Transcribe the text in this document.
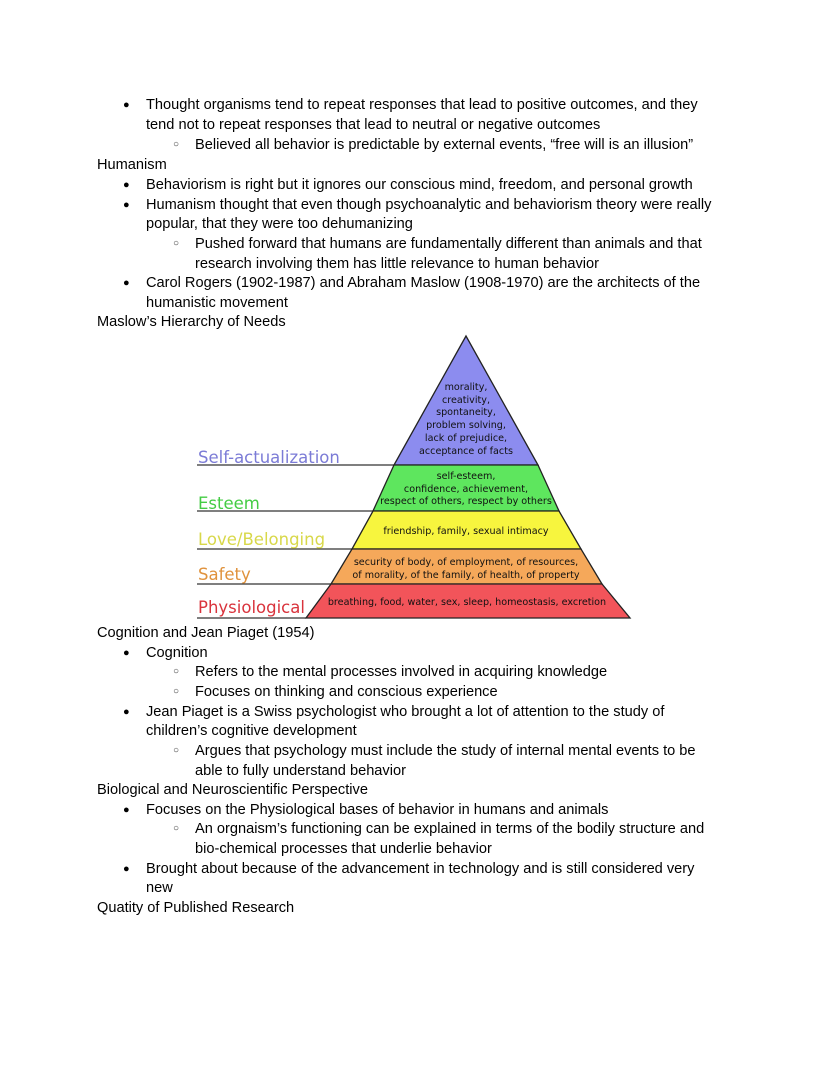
● Thought organisms tend to repeat responses that lead to positive outcomes, and they
tend not to repeat responses that lead to neutral or negative outcomes
○ Believed all behavior is predictable by external events, “free will is an illusion”
Humanism
● Behaviorism is right but it ignores our conscious mind, freedom, and personal growth
● Humanism thought that even though psychoanalytic and behaviorism theory were really
popular, that they were too dehumanizing
○ Pushed forward that humans are fundamentally different than animals and that
research involving them has little relevance to human behavior
● Carol Rogers (1902-1987) and Abraham Maslow (1908-1970) are the architects of the
humanistic movement
Maslow’s Hierarchy of Needs
morality,
creativity,
spontaneity,
problem solving,
lack of prejudice,
acceptance of facts
self-esteem,
confidence, achievement,
respect of others, respect by others
friendship, family, sexual intimacy
security of body, of employment, of resources,
of morality, of the family, of health, of property
breathing, food, water, sex, sleep, homeostasis, excretion
Self-actualization
Esteem
Love/Belonging
Safety
Physiological
Cognition and Jean Piaget (1954)
● Cognition
○ Refers to the mental processes involved in acquiring knowledge
○ Focuses on thinking and conscious experience
● Jean Piaget is a Swiss psychologist who brought a lot of attention to the study of
children’s cognitive development
○ Argues that psychology must include the study of internal mental events to be
able to fully understand behavior
Biological and Neuroscientific Perspective
● Focuses on the Physiological bases of behavior in humans and animals
○ An orgnaism’s functioning can be explained in terms of the bodily structure and
bio-chemical processes that underlie behavior
● Brought about because of the advancement in technology and is still considered very
new
Quatity of Published Research
